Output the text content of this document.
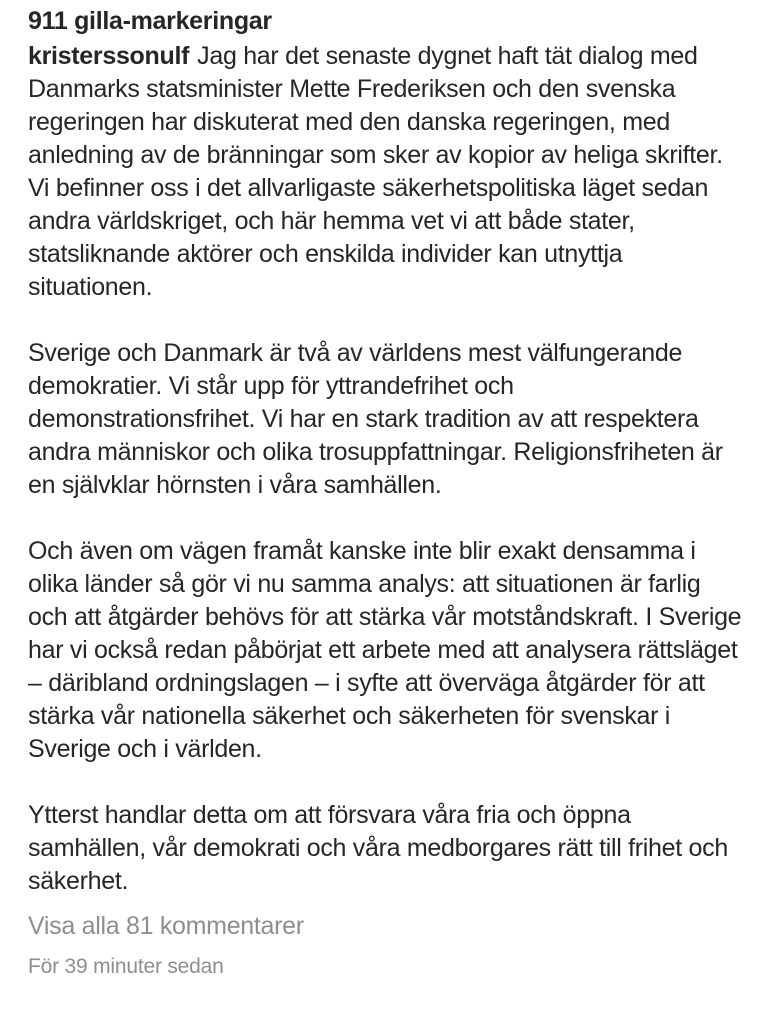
911 gilla-markeringar

kristerssonulf Jag har det senaste dygnet haft tät dialog med Danmarks statsminister Mette Frederiksen och den svenska regeringen har diskuterat med den danska regeringen, med anledning av de bränningar som sker av kopior av heliga skrifter. Vi befinner oss i det allvarligaste säkerhetspolitiska läget sedan andra världskriget, och här hemma vet vi att både stater, statsliknande aktörer och enskilda individer kan utnyttja situationen.

Sverige och Danmark är två av världens mest välfungerande demokratier. Vi står upp för yttrandefrihet och demonstrationsfrihet. Vi har en stark tradition av att respektera andra människor och olika trosuppfattningar. Religionsfriheten är en självklar hörnsten i våra samhällen.

Och även om vägen framåt kanske inte blir exakt densamma i olika länder så gör vi nu samma analys: att situationen är farlig och att åtgärder behövs för att stärka vår motståndskraft. I Sverige har vi också redan påbörjat ett arbete med att analysera rättsläget – däribland ordningslagen – i syfte att överväga åtgärder för att stärka vår nationella säkerhet och säkerheten för svenskar i Sverige och i världen.

Ytterst handlar detta om att försvara våra fria och öppna samhällen, vår demokrati och våra medborgares rätt till frihet och säkerhet.

Visa alla 81 kommentarer
För 39 minuter sedan
